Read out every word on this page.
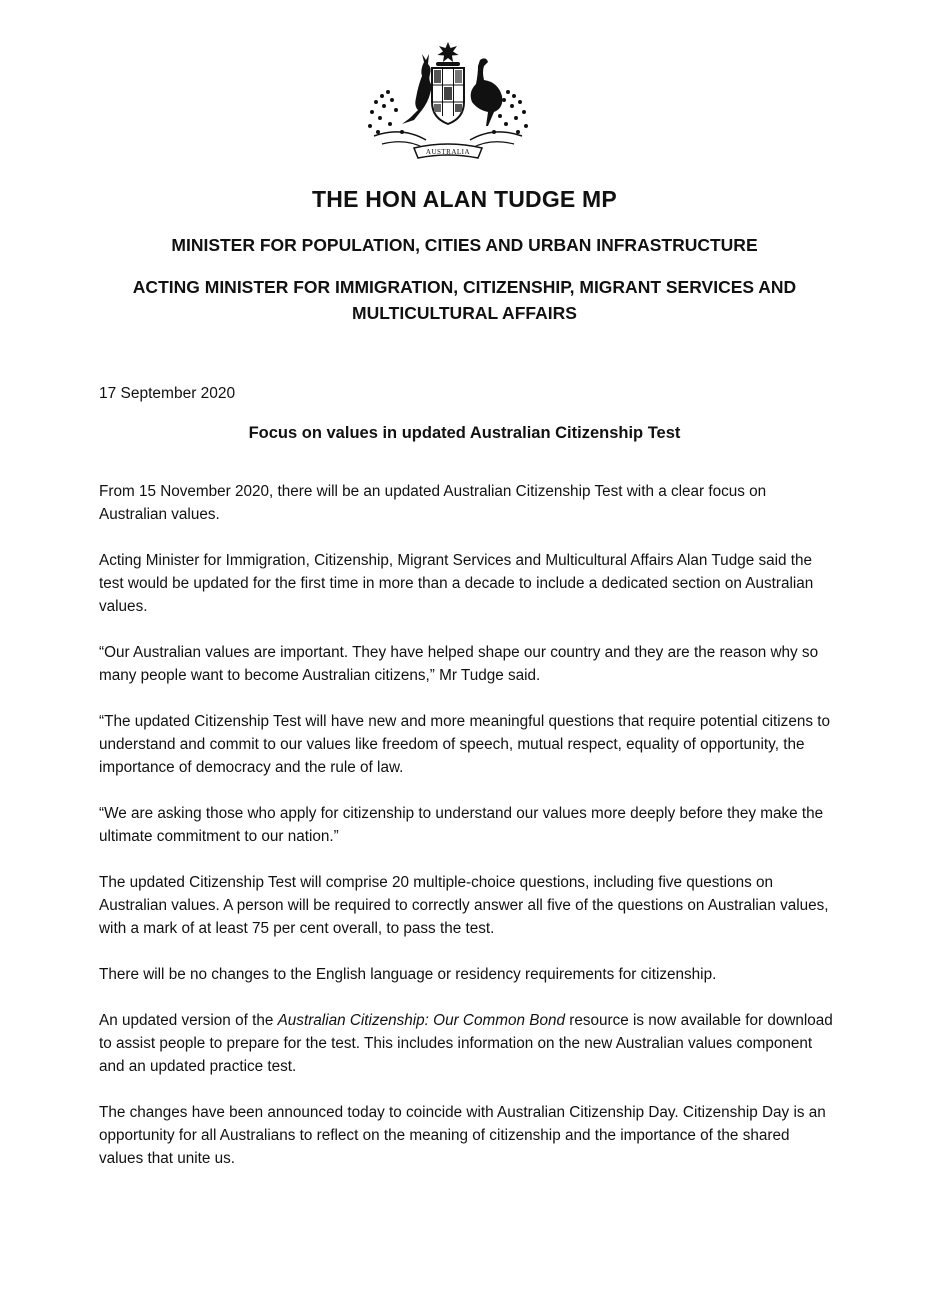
AUSTRALIA
THE HON ALAN TUDGE MP
MINISTER FOR POPULATION, CITIES AND URBAN INFRASTRUCTURE
ACTING MINISTER FOR IMMIGRATION, CITIZENSHIP, MIGRANT SERVICES AND
MULTICULTURAL AFFAIRS
17 September 2020
Focus on values in updated Australian Citizenship Test

From 15 November 2020, there will be an updated Australian Citizenship Test with a clear focus on Australian values.

Acting Minister for Immigration, Citizenship, Migrant Services and Multicultural Affairs Alan Tudge said the test would be updated for the first time in more than a decade to include a dedicated section on Australian values.

“Our Australian values are important. They have helped shape our country and they are the reason why so many people want to become Australian citizens,” Mr Tudge said.

“The updated Citizenship Test will have new and more meaningful questions that require potential citizens to understand and commit to our values like freedom of speech, mutual respect, equality of opportunity, the importance of democracy and the rule of law.

“We are asking those who apply for citizenship to understand our values more deeply before they make the ultimate commitment to our nation.”

The updated Citizenship Test will comprise 20 multiple-choice questions, including five questions on Australian values. A person will be required to correctly answer all five of the questions on Australian values, with a mark of at least 75 per cent overall, to pass the test.

There will be no changes to the English language or residency requirements for citizenship.

An updated version of the Australian Citizenship: Our Common Bond resource is now available for download to assist people to prepare for the test. This includes information on the new Australian values component and an updated practice test.

The changes have been announced today to coincide with Australian Citizenship Day. Citizenship Day is an opportunity for all Australians to reflect on the meaning of citizenship and the importance of the shared values that unite us.
